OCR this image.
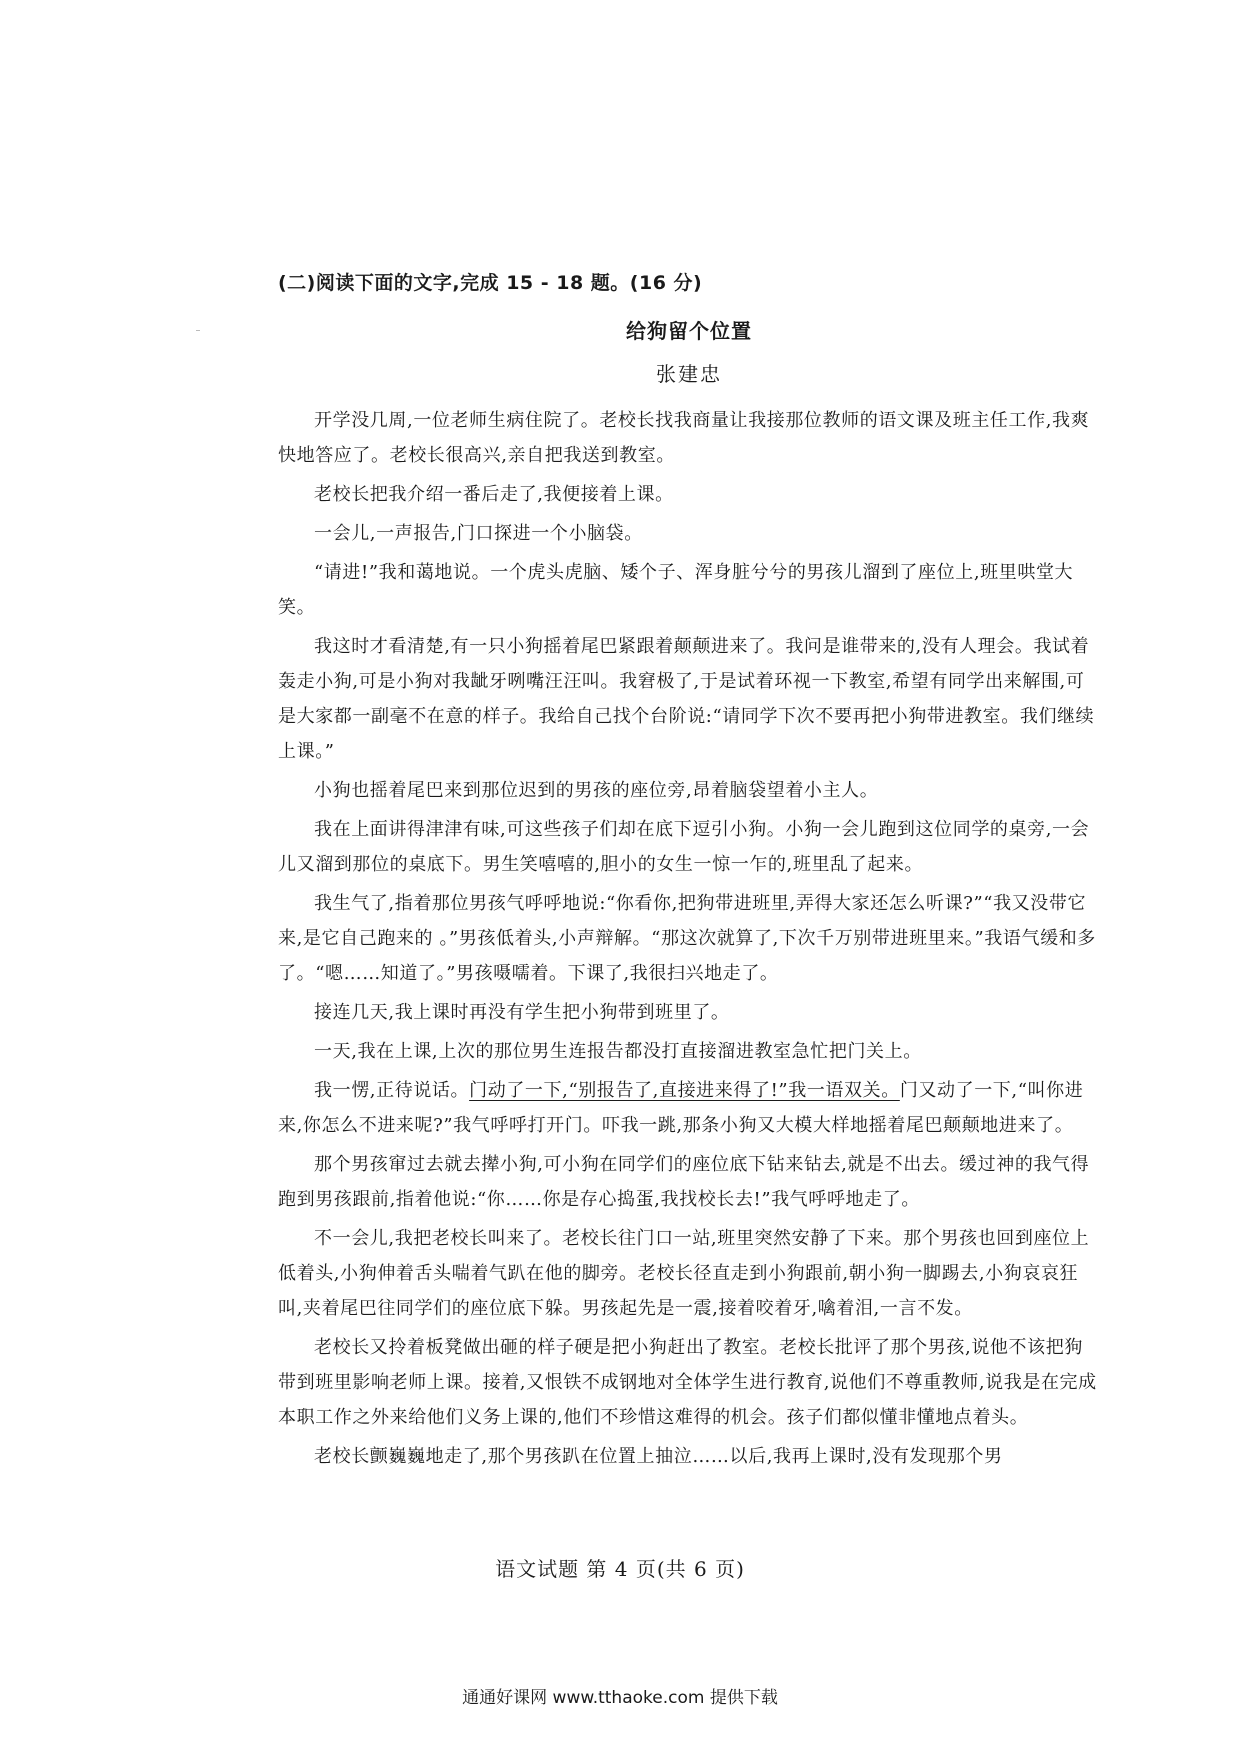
(二)阅读下面的文字,完成 15 - 18 题。(16 分)
给狗留个位置
张建忠

开学没几周,一位老师生病住院了。老校长找我商量让我接那位教师的语文课及班主任工作,我爽快地答应了。老校长很高兴,亲自把我送到教室。

老校长把我介绍一番后走了,我便接着上课。

一会儿,一声报告,门口探进一个小脑袋。

“请进!”我和蔼地说。一个虎头虎脑、矮个子、浑身脏兮兮的男孩儿溜到了座位上,班里哄堂大笑。

我这时才看清楚,有一只小狗摇着尾巴紧跟着颠颠进来了。我问是谁带来的,没有人理会。我试着轰走小狗,可是小狗对我龇牙咧嘴汪汪叫。我窘极了,于是试着环视一下教室,希望有同学出来解围,可是大家都一副毫不在意的样子。我给自己找个台阶说:“请同学下次不要再把小狗带进教室。我们继续上课。”

小狗也摇着尾巴来到那位迟到的男孩的座位旁,昂着脑袋望着小主人。

我在上面讲得津津有味,可这些孩子们却在底下逗引小狗。小狗一会儿跑到这位同学的桌旁,一会儿又溜到那位的桌底下。男生笑嘻嘻的,胆小的女生一惊一乍的,班里乱了起来。

我生气了,指着那位男孩气呼呼地说:“你看你,把狗带进班里,弄得大家还怎么听课?”“我又没带它来,是它自己跑来的 。”男孩低着头,小声辩解。“那这次就算了,下次千万别带进班里来。”我语气缓和多了。“嗯……知道了。”男孩嗫嚅着。下课了,我很扫兴地走了。

接连几天,我上课时再没有学生把小狗带到班里了。

一天,我在上课,上次的那位男生连报告都没打直接溜进教室急忙把门关上。

我一愣,正待说话。门动了一下,“别报告了,直接进来得了!”我一语双关。门又动了一下,“叫你进来,你怎么不进来呢?”我气呼呼打开门。吓我一跳,那条小狗又大模大样地摇着尾巴颠颠地进来了。

那个男孩窜过去就去撵小狗,可小狗在同学们的座位底下钻来钻去,就是不出去。缓过神的我气得跑到男孩跟前,指着他说:“你……你是存心捣蛋,我找校长去!”我气呼呼地走了。

不一会儿,我把老校长叫来了。老校长往门口一站,班里突然安静了下来。那个男孩也回到座位上低着头,小狗伸着舌头喘着气趴在他的脚旁。老校长径直走到小狗跟前,朝小狗一脚踢去,小狗哀哀狂叫,夹着尾巴往同学们的座位底下躲。男孩起先是一震,接着咬着牙,噙着泪,一言不发。

老校长又拎着板凳做出砸的样子硬是把小狗赶出了教室。老校长批评了那个男孩,说他不该把狗带到班里影响老师上课。接着,又恨铁不成钢地对全体学生进行教育,说他们不尊重教师,说我是在完成本职工作之外来给他们义务上课的,他们不珍惜这难得的机会。孩子们都似懂非懂地点着头。

老校长颤巍巍地走了,那个男孩趴在位置上抽泣……以后,我再上课时,没有发现那个男

语文试题 第 4 页(共 6 页)
通通好课网 www.tthaoke.com 提供下载
